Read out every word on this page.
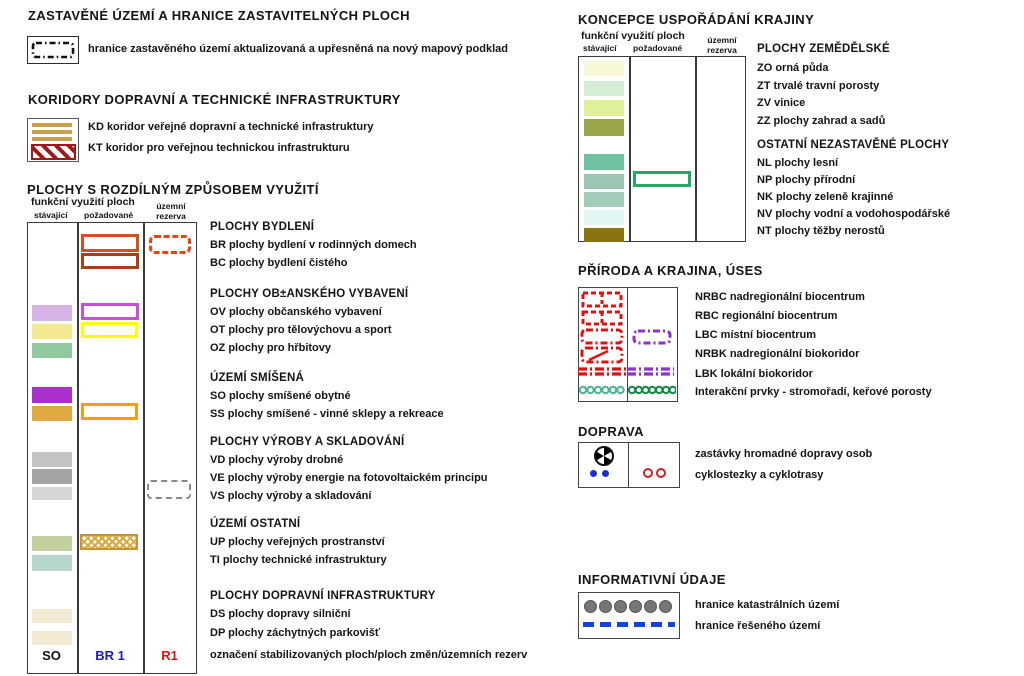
ZASTAVĚNÉ ÚZEMÍ A HRANICE ZASTAVITELNÝCH PLOCH
hranice zastavěného území aktualizovaná a upřesněná na nový mapový podklad
KORIDORY DOPRAVNÍ A TECHNICKÉ INFRASTRUKTURY
KD koridor veřejné dopravní a technické infrastruktury
KT koridor pro veřejnou technickou infrastrukturu
PLOCHY S ROZDÍLNÝM ZPŮSOBEM VYUŽITÍ
funkční využití ploch
stávající požadované
územní rezerva
SO	BR 1	R1
PLOCHY BYDLENÍ
BR plochy bydlení v rodinných domech
BC plochy bydlení čistého
PLOCHY OB±ANSKÉHO VYBAVENÍ
OV plochy občanského vybavení
OT plochy pro tělovýchovu a sport
OZ plochy pro hřbitovy
ÚZEMÍ SMÍŠENÁ
SO plochy smíšené obytné
SS plochy smíšené - vinné sklepy a rekreace
PLOCHY VÝROBY A SKLADOVÁNÍ
VD plochy výroby drobné
VE plochy výroby energie na fotovoltaickém principu
VS plochy výroby a skladování
ÚZEMÍ OSTATNÍ
UP plochy veřejných prostranství
TI plochy technické infrastruktury
PLOCHY DOPRAVNÍ INFRASTRUKTURY
DS plochy dopravy silniční
DP plochy záchytných parkovišť
označení stabilizovaných ploch/ploch změn/územních rezerv
KONCEPCE USPOŘÁDÁNÍ KRAJINY
funkční využití ploch
stávající požadované
územní rezerva	PLOCHY ZEMĚDĚLSKÉ
ZO orná půda
ZT trvalé travní porosty
ZV vinice
ZZ plochy zahrad a sadů
OSTATNÍ NEZASTAVĚNÉ PLOCHY
NL plochy lesní
NP plochy přírodní
NK plochy zeleně krajinné
NV plochy vodní a vodohospodářské
NT plochy těžby nerostů
PŘÍRODA A KRAJINA, ÚSES
NRBC nadregionální biocentrum
RBC regionální biocentrum
LBC místní biocentrum
NRBK nadregionální biokoridor
LBK lokální biokoridor
Interakční prvky - stromořadí, keřové porosty
DOPRAVA
zastávky hromadné dopravy osob
cyklostezky a cyklotrasy
INFORMATIVNÍ ÚDAJE
hranice katastrálních území
hranice řešeného území
